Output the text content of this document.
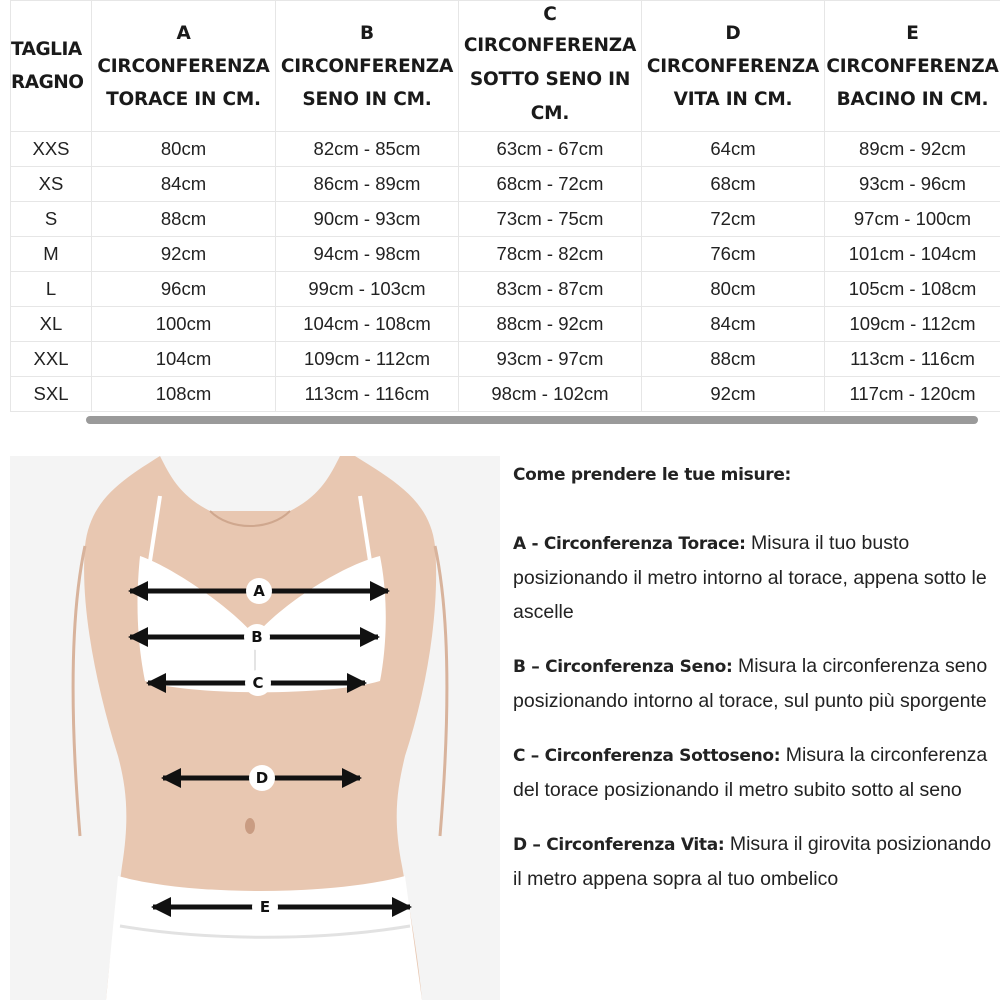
TAGLIA
RAGNO	A
CIRCONFERENZA
TORACE IN CM.	B
CIRCONFERENZA
SENO IN CM.	C
CIRCONFERENZA
SOTTO SENO IN
CM.	D
CIRCONFERENZA
VITA IN CM.	E
CIRCONFERENZA
BACINO IN CM.

XXS	80cm	82cm - 85cm	63cm - 67cm	64cm	89cm - 92cm
XS	84cm	86cm - 89cm	68cm - 72cm	68cm	93cm - 96cm
S	88cm	90cm - 93cm	73cm - 75cm	72cm	97cm - 100cm
M	92cm	94cm - 98cm	78cm - 82cm	76cm	101cm - 104cm
L	96cm	99cm - 103cm	83cm - 87cm	80cm	105cm - 108cm
XL	100cm	104cm - 108cm	88cm - 92cm	84cm	109cm - 112cm
XXL	104cm	109cm - 112cm	93cm - 97cm	88cm	113cm - 116cm
SXL	108cm	113cm - 116cm	98cm - 102cm	92cm	117cm - 120cm
A
B
C
D
E
Come prendere le tue misure:

A - Circonferenza Torace: Misura il tuo busto posizionando il metro intorno al torace, appena sotto le ascelle

B – Circonferenza Seno: Misura la circonferenza seno posizionando intorno al torace, sul punto più sporgente

C – Circonferenza Sottoseno: Misura la circonferenza del torace posizionando il metro subito sotto al seno

D – Circonferenza Vita: Misura il girovita posizionando il metro appena sopra al tuo ombelico
